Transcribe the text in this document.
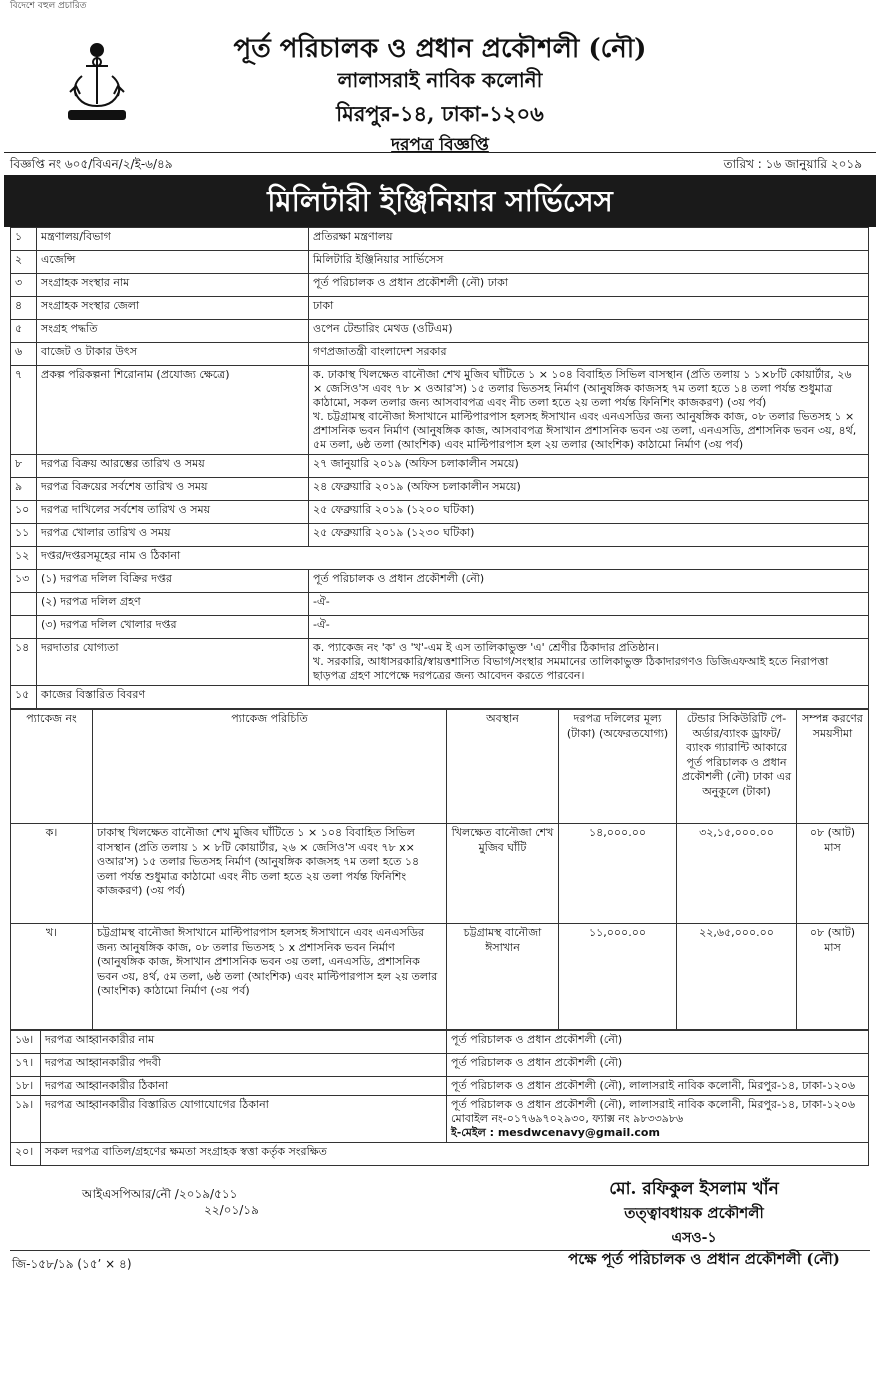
বিদেশে বহুল প্রচারিত
পূর্ত পরিচালক ও প্রধান প্রকৌশলী (নৌ)
লালাসরাই নাবিক কলোনী
মিরপুর-১৪, ঢাকা-১২০৬
দরপত্র বিজ্ঞপ্তি
বিজ্ঞপ্তি নং ৬০৫/বিএন/২/ই-৬/৪৯	তারিখ : ১৬ জানুয়ারি ২০১৯
মিলিটারী ইঞ্জিনিয়ার সার্ভিসেস
১	মন্ত্রণালয়/বিভাগ	প্রতিরক্ষা মন্ত্রণালয়
২	এজেন্সি	মিলিটারি ইঞ্জিনিয়ার সার্ভিসেস
৩	সংগ্রাহক সংস্থার নাম	পূর্ত পরিচালক ও প্রধান প্রকৌশলী (নৌ) ঢাকা
৪	সংগ্রাহক সংস্থার জেলা	ঢাকা
৫	সংগ্রহ পদ্ধতি	ওপেন টেন্ডারিং মেথড (ওটিএম)
৬	বাজেট ও টাকার উৎস	গণপ্রজাতন্ত্রী বাংলাদেশ সরকার
৭	প্রকল্প পরিকল্পনা শিরোনাম (প্রযোজ্য ক্ষেত্রে)	ক. ঢাকাস্থ খিলক্ষেত বানৌজা শেখ মুজিব ঘাঁটিতে ১ × ১০৪ বিবাহিত সিভিল বাসস্থান (প্রতি তলায় ১ ১×৮টি কোয়ার্টার, ২৬ × জেসিও'স এবং ৭৮ × ওআর'স) ১৫ তলার ভিতসহ নির্মাণ (আনুষঙ্গিক কাজসহ ৭ম তলা হতে ১৪ তলা পর্যন্ত শুধুমাত্র কাঠামো, সকল তলার জন্য আসবাবপত্র এবং নীচ তলা হতে ২য় তলা পর্যন্ত ফিনিশিং কাজকরণ) (৩য় পর্ব)
খ. চট্টগ্রামস্থ বানৌজা ঈসাখানে মাল্টিপারপাস হলসহ ঈসাখান এবং এনএসডির জন্য আনুষঙ্গিক কাজ, ০৮ তলার ভিতসহ ১ × প্রশাসনিক ভবন নির্মাণ (আনুষঙ্গিক কাজ, আসবাবপত্র ঈসাখান প্রশাসনিক ভবন ৩য় তলা, এনএসডি, প্রশাসনিক ভবন ৩য়, ৪র্থ, ৫ম তলা, ৬ষ্ঠ তলা (আংশিক) এবং মাল্টিপারপাস হল ২য় তলার (আংশিক) কাঠামো নির্মাণ (৩য় পর্ব)

৮	দরপত্র বিক্রয় আরম্ভের তারিখ ও সময়	২৭ জানুয়ারি ২০১৯ (অফিস চলাকালীন সময়ে)
৯	দরপত্র বিক্রয়ের সর্বশেষ তারিখ ও সময়	২৪ ফেব্রুয়ারি ২০১৯ (অফিস চলাকালীন সময়ে)
১০	দরপত্র দাখিলের সর্বশেষ তারিখ ও সময়	২৫ ফেব্রুয়ারি ২০১৯ (১২০০ ঘটিকা)
১১	দরপত্র খোলার তারিখ ও সময়	২৫ ফেব্রুয়ারি ২০১৯ (১২৩০ ঘটিকা)
১২	দপ্তর/দপ্তরসমূহের নাম ও ঠিকানা	
১৩	(১) দরপত্র দলিল বিক্রির দপ্তর	পূর্ত পরিচালক ও প্রধান প্রকৌশলী (নৌ)
	(২) দরপত্র দলিল গ্রহণ	-ঐ-
	(৩) দরপত্র দলিল খোলার দপ্তর	-ঐ-
১৪	দরদাতার যোগ্যতা	ক. প্যাকেজ নং 'ক' ও 'খ'-এম ই এস তালিকাভুক্ত 'এ' শ্রেণীর ঠিকাদার প্রতিষ্ঠান।
খ. সরকারি, আধাসরকারি/স্বায়ত্তশাসিত বিভাগ/সংস্থার সমমানের তালিকাভুক্ত ঠিকাদারগণও ডিজিএফআই হতে নিরাপত্তা ছাড়পত্র গ্রহণ সাপেক্ষে দরপত্রের জন্য আবেদন করতে পারবেন।

১৫	কাজের বিস্তারিত বিবরণ	
প্যাকেজ নং	প্যাকেজ পরিচিতি	অবস্থান	দরপত্র দলিলের মূল্য (টাকা) (অফেরতযোগ্য)	টেন্ডার সিকিউরিটি পে-অর্ডার/ব্যাংক ড্রাফট/ ব্যাংক গ্যারান্টি আকারে পূর্ত পরিচালক ও প্রধান প্রকৌশলী (নৌ) ঢাকা এর অনুকূলে (টাকা)	সম্পন্ন করণের সময়সীমা
ক।	ঢাকাস্থ খিলক্ষেত বানৌজা শেখ মুজিব ঘাঁটিতে ১ × ১০৪ বিবাহিত সিভিল বাসস্থান (প্রতি তলায় ১ × ৮টি কোয়ার্টার, ২৬ × জেসিও'স এবং ৭৮ x× ওআর'স) ১৫ তলার ভিতসহ নির্মাণ (আনুষঙ্গিক কাজসহ ৭ম তলা হতে ১৪ তলা পর্যন্ত শুধুমাত্র কাঠামো এবং নীচ তলা হতে ২য় তলা পর্যন্ত ফিনিশিং কাজকরণ) (৩য় পর্ব)	খিলক্ষেত বানৌজা শেখ মুজিব ঘাঁটি	১৪,০০০.০০	৩২,১৫,০০০.০০	০৮ (আট) মাস
খ।	চট্টগ্রামস্থ বানৌজা ঈসাখানে মাল্টিপারপাস হলসহ ঈসাখানে এবং এনএসডির জন্য আনুষঙ্গিক কাজ, ০৮ তলার ভিতসহ ১ x প্রশাসনিক ভবন নির্মাণ (আনুষঙ্গিক কাজ, ঈসাখান প্রশাসনিক ভবন ৩য় তলা, এনএসডি, প্রশাসনিক ভবন ৩য়, ৪র্থ, ৫ম তলা, ৬ষ্ঠ তলা (আংশিক) এবং মাল্টিপারপাস হল ২য় তলার (আংশিক) কাঠামো নির্মাণ (৩য় পর্ব)	চট্টগ্রামস্থ বানৌজা ঈসাখান	১১,০০০.০০	২২,৬৫,০০০.০০	০৮ (আট) মাস
১৬।	দরপত্র আহ্বানকারীর নাম	পূর্ত পরিচালক ও প্রধান প্রকৌশলী (নৌ)
১৭।	দরপত্র আহ্বানকারীর পদবী	পূর্ত পরিচালক ও প্রধান প্রকৌশলী (নৌ)
১৮।	দরপত্র আহ্বানকারীর ঠিকানা	পূর্ত পরিচালক ও প্রধান প্রকৌশলী (নৌ), লালাসরাই নাবিক কলোনী, মিরপুর-১৪, ঢাকা-১২০৬
১৯।	দরপত্র আহ্বানকারীর বিস্তারিত যোগাযোগের ঠিকানা	পূর্ত পরিচালক ও প্রধান প্রকৌশলী (নৌ), লালাসরাই নাবিক কলোনী, মিরপুর-১৪, ঢাকা-১২০৬ মোবাইল নং-০১৭৬৯৭০২৯৩০, ফ্যাক্স নং ৯৮৩৩৯৮৬
ই-মেইল : mesdwcenavy@gmail.com

২০।	সকল দরপত্র বাতিল/গ্রহণের ক্ষমতা সংগ্রাহক স্বত্তা কর্তৃক সংরক্ষিত	
আইএসপিআর/নৌ /২০১৯/৫১১
২২/০১/১৯
মো. রফিকুল ইসলাম খাঁন
তত্ত্বাবধায়ক প্রকৌশলী
এসও-১
জি-১৫৮/১৯ (১৫ʼ × ৪)	পক্ষে পূর্ত পরিচালক ও প্রধান প্রকৌশলী (নৌ)
